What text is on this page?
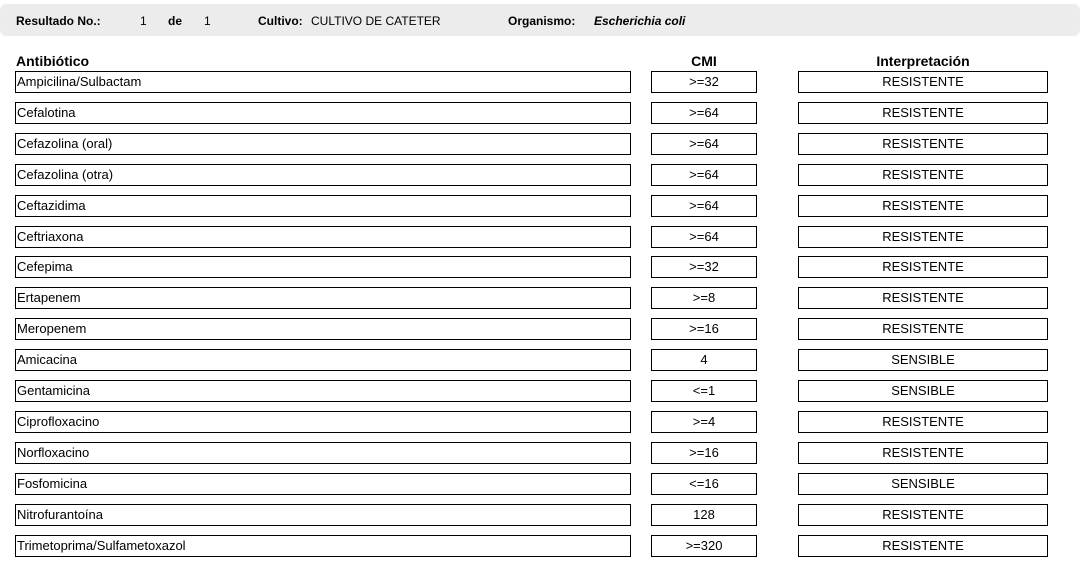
Resultado No.:	1 de 1	Cultivo: CULTIVO DE CATETER	Organismo: Escherichia coli
Antibiótico	CMI	Interpretación
Ampicilina/Sulbactam	>=32	RESISTENTE
Cefalotina	>=64	RESISTENTE
Cefazolina (oral)	>=64	RESISTENTE
Cefazolina (otra)	>=64	RESISTENTE
Ceftazidima	>=64	RESISTENTE
Ceftriaxona	>=64	RESISTENTE
Cefepima	>=32	RESISTENTE
Ertapenem	>=8	RESISTENTE
Meropenem	>=16	RESISTENTE
Amicacina	4	SENSIBLE
Gentamicina	<=1	SENSIBLE
Ciprofloxacino	>=4	RESISTENTE
Norfloxacino	>=16	RESISTENTE
Fosfomicina	<=16	SENSIBLE
Nitrofurantoína	128	RESISTENTE
Trimetoprima/Sulfametoxazol	>=320	RESISTENTE
